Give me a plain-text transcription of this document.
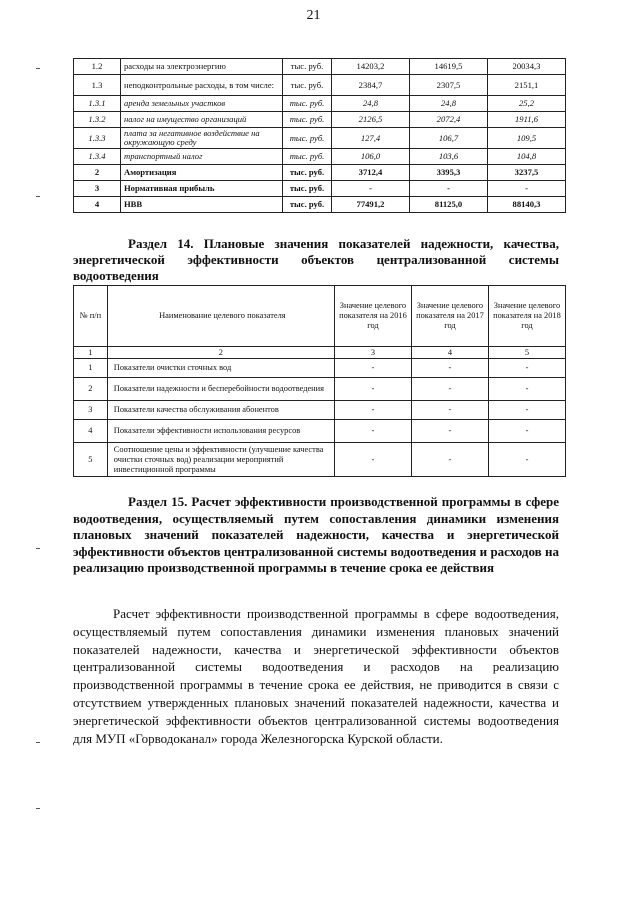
21
1.2	расходы на электроэнергию	тыс. руб.	14203,2	14619,5	20034,3
1.3	неподконтрольные расходы, в том числе:	тыс. руб.	2384,7	2307,5	2151,1
1.3.1	аренда земельных участков	тыс. руб.	24,8	24,8	25,2
1.3.2	налог на имущество организаций	тыс. руб.	2126,5	2072,4	1911,6
1.3.3	плата за негативное воздействие на окружающую среду	тыс. руб.	127,4	106,7	109,5
1.3.4	транспортный налог	тыс. руб.	106,0	103,6	104,8
2	Амортизация	тыс. руб.	3712,4	3395,3	3237,5
3	Нормативная прибыль	тыс. руб.	-	-	-
4	НВВ	тыс. руб.	77491,2	81125,0	88140,3
Раздел 14. Плановые значения показателей надежности, качества, энергетической эффективности объектов централизованной системы водоотведения
№ п/п	Наименование целевого показателя	Значение целевого показателя на 2016 год	Значение целевого показателя на 2017 год	Значение целевого показателя на 2018 год
1	2	3	4	5
1	Показатели очистки сточных вод	-	-	-
2	Показатели надежности и бесперебойности водоотведения	-	-	-
3	Показатели качества обслуживания абонентов	-	-	-
4	Показатели эффективности использования ресурсов	-	-	-
5	Соотношение цены и эффективности (улучшение качества очистки сточных вод) реализации мероприятий инвестиционной программы	-	-	-
Раздел 15. Расчет эффективности производственной программы в сфере водоотведения, осуществляемый путем сопоставления динамики изменения плановых значений показателей надежности, качества и энергетической эффективности объектов централизованной системы водоотведения и расходов на реализацию производственной программы в течение срока ее действия

Расчет эффективности производственной программы в сфере водоотведения, осуществляемый путем сопоставления динамики изменения плановых значений показателей надежности, качества и энергетической эффективности объектов централизованной системы водоотведения и расходов на реализацию производственной программы в течение срока ее действия, не приводится в связи с отсутствием утвержденных плановых значений показателей надежности, качества и энергетической эффективности объектов централизованной системы водоотведения для МУП «Горводоканал» города Железногорска Курской области.
